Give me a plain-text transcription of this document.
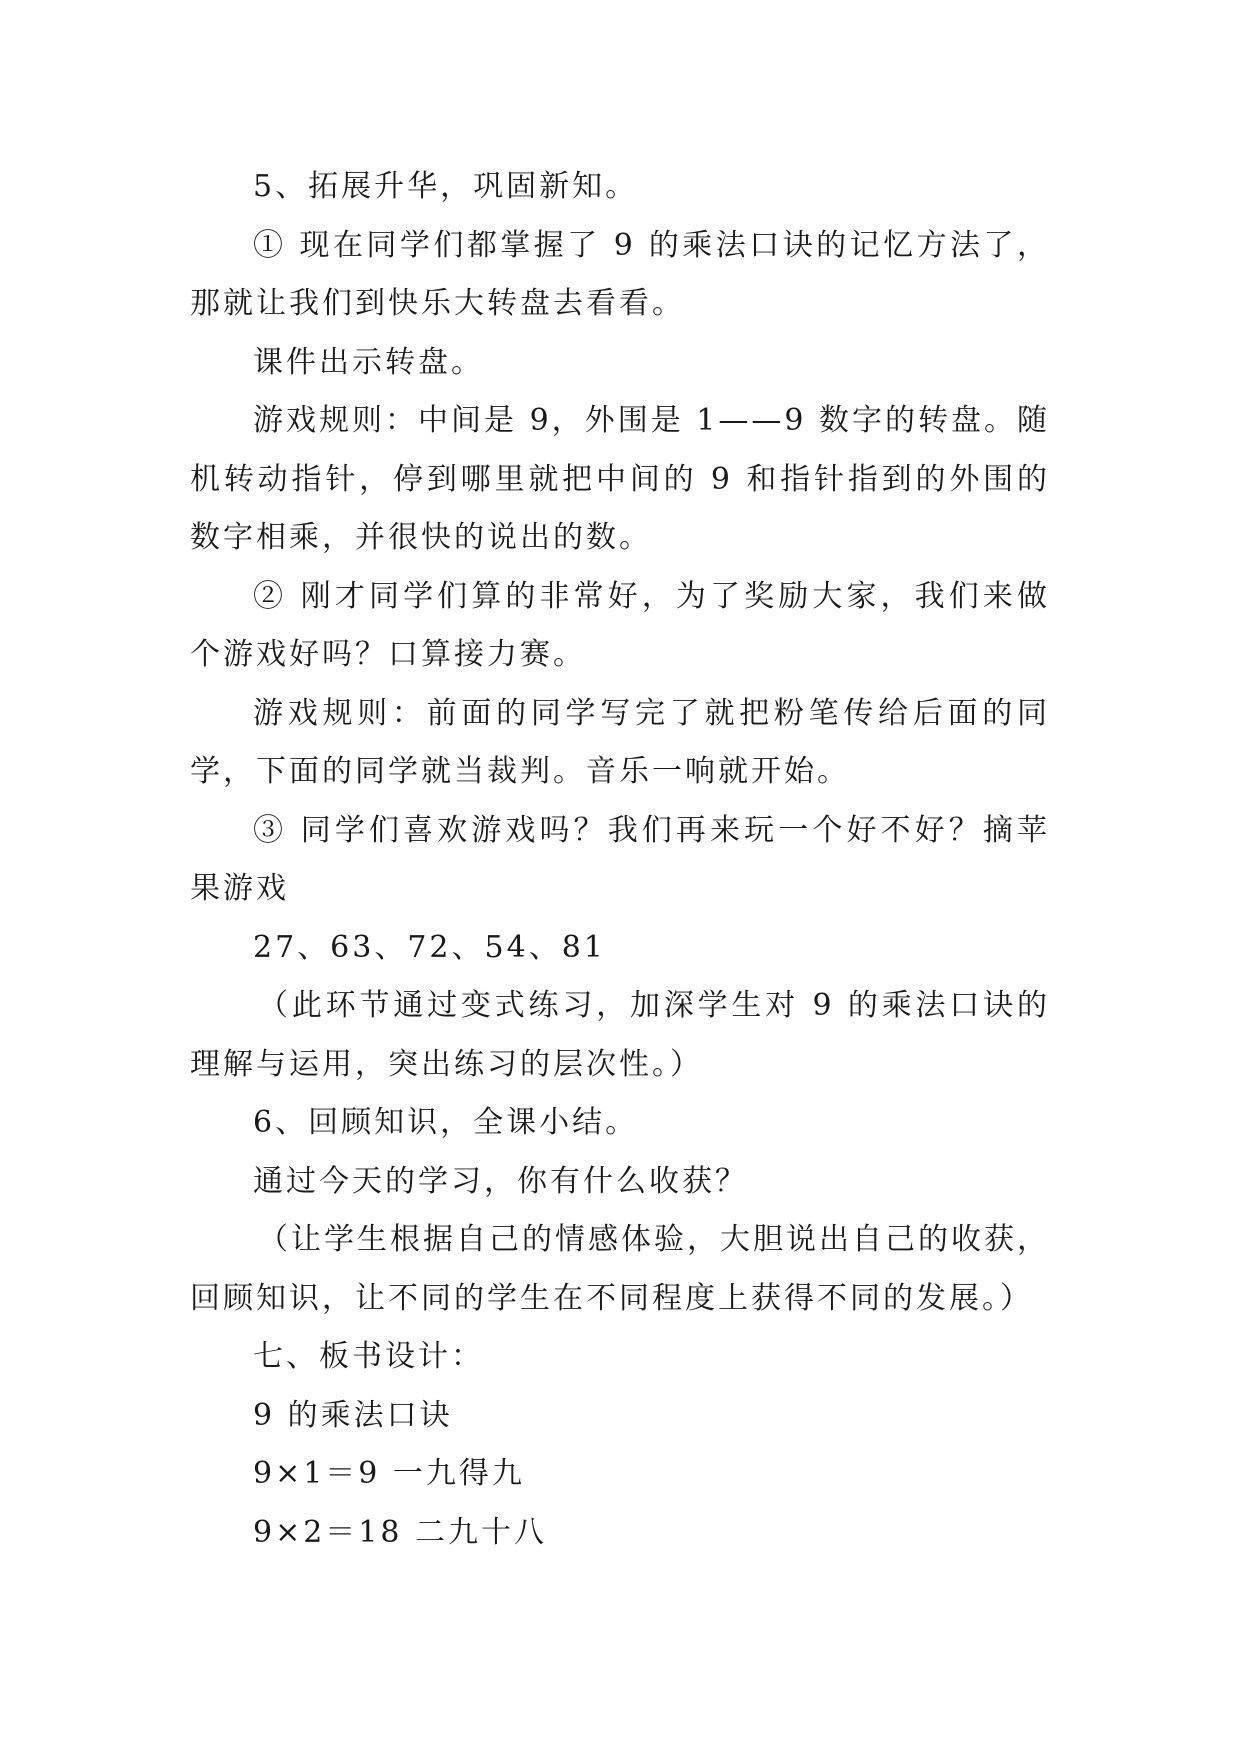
5、拓展升华，巩固新知。

① 现在同学们都掌握了 9 的乘法口诀的记忆方法了，那就让我们到快乐大转盘去看看。

课件出示转盘。

游戏规则：中间是 9，外围是 1——9 数字的转盘。随机转动指针，停到哪里就把中间的 9 和指针指到的外围的数字相乘，并很快的说出的数。

② 刚才同学们算的非常好，为了奖励大家，我们来做个游戏好吗？口算接力赛。

游戏规则：前面的同学写完了就把粉笔传给后面的同学，下面的同学就当裁判。音乐一响就开始。

③ 同学们喜欢游戏吗？我们再来玩一个好不好？摘苹果游戏

27、63、72、54、81

（此环节通过变式练习，加深学生对 9 的乘法口诀的理解与运用，突出练习的层次性。）

6、回顾知识，全课小结。

通过今天的学习，你有什么收获？

（让学生根据自己的情感体验，大胆说出自己的收获，回顾知识，让不同的学生在不同程度上获得不同的发展。）

七、板书设计：

9 的乘法口诀

9×1＝9 一九得九

9×2＝18 二九十八
